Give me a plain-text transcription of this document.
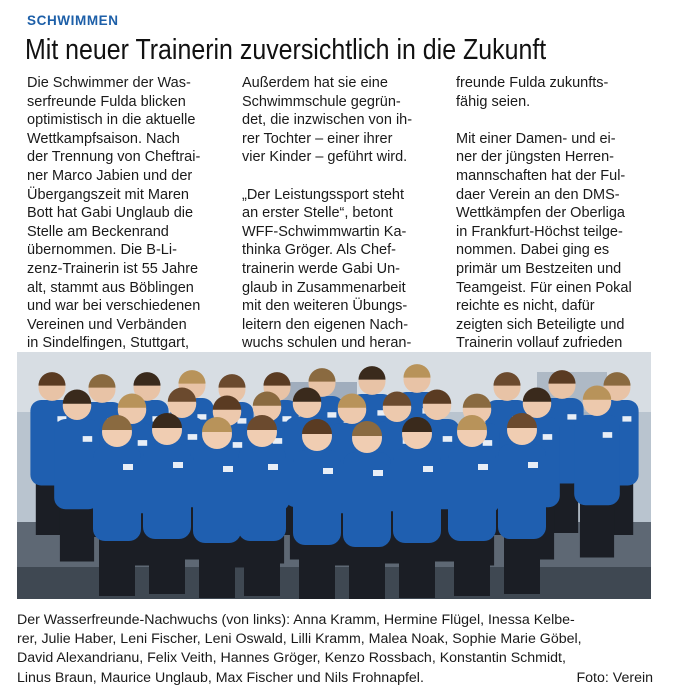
SCHWIMMEN
Mit neuer Trainerin zuversichtlich in die Zukunft
Die Schwimmer der Was-
serfreunde Fulda blicken
optimistisch in die aktuelle
Wettkampfsaison. Nach
der Trennung von Cheftrai-
ner Marco Jabien und der
Übergangszeit mit Maren
Bott hat Gabi Unglaub die
Stelle am Beckenrand
übernommen. Die B-Li-
zenz-Trainerin ist 55 Jahre
alt, stammt aus Böblingen
und war bei verschiedenen
Vereinen und Verbänden
in Sindelfingen, Stuttgart,
Außerdem hat sie eine
Schwimmschule gegrün-
det, die inzwischen von ih-
rer Tochter – einer ihrer
vier Kinder – geführt wird.
„Der Leistungssport steht
an erster Stelle“, betont
WFF-Schwimmwartin Ka-
thinka Gröger. Als Chef-
trainerin werde Gabi Un-
glaub in Zusammenarbeit
mit den weiteren Übungs-
leitern den eigenen Nach-
wuchs schulen und heran-
freunde Fulda zukunfts-
fähig seien.
Mit einer Damen- und ei-
ner der jüngsten Herren-
mannschaften hat der Ful-
daer Verein an den DMS-
Wettkämpfen der Oberliga
in Frankfurt-Höchst teilge-
nommen. Dabei ging es
primär um Bestzeiten und
Teamgeist. Für einen Pokal
reichte es nicht, dafür
zeigten sich Beteiligte und
Trainerin vollauf zufrieden
Der Wasserfreunde-Nachwuchs (von links): Anna Kramm, Hermine Flügel, Inessa Kelbe-
rer, Julie Haber, Leni Fischer, Leni Oswald, Lilli Kramm, Malea Noak, Sophie Marie Göbel,
David Alexandrianu, Felix Veith, Hannes Gröger, Kenzo Rossbach, Konstantin Schmidt,
Linus Braun, Maurice Unglaub, Max Fischer und Nils Frohnapfel.	Foto: Verein
